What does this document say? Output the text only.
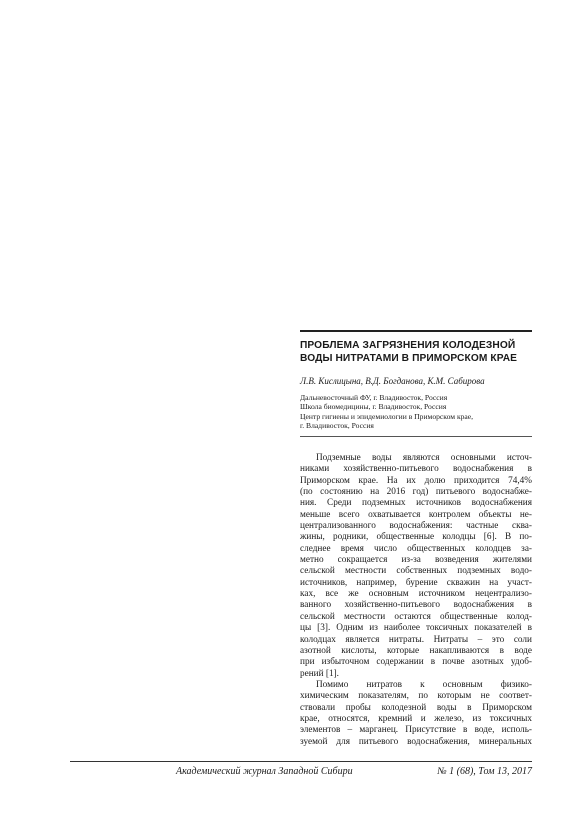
ПРОБЛЕМА ЗАГРЯЗНЕНИЯ КОЛОДЕЗНОЙ
ВОДЫ НИТРАТАМИ В ПРИМОРСКОМ КРАЕ
Л.В. Кислицына, В.Д. Богданова, К.М. Сабирова
Дальневосточный ФУ, г. Владивосток, Россия
Школа биомедицины, г. Владивосток, Россия
Центр гигиены и эпидемиологии в Приморском крае,
г. Владивосток, Россия
Подземные воды являются основными источ-
никами хозяйственно-питьевого водоснабжения в
Приморском крае. На их долю приходится 74,4%
(по состоянию на 2016 год) питьевого водоснабже-
ния. Среди подземных источников водоснабжения
меньше всего охватывается контролем объекты не-
централизованного водоснабжения: частные сква-
жины, родники, общественные колодцы [6]. В по-
следнее время число общественных колодцев за-
метно сокращается из-за возведения жителями
сельской местности собственных подземных водо-
источников, например, бурение скважин на участ-
ках, все же основным источником нецентрализо-
ванного хозяйственно-питьевого водоснабжения в
сельской местности остаются общественные колод-
цы [3]. Одним из наиболее токсичных показателей в
колодцах является нитраты. Нитраты – это соли
азотной кислоты, которые накапливаются в воде
при избыточном содержании в почве азотных удоб-
рений [1].
Помимо нитратов к основным физико-
химическим показателям, по которым не соответ-
ствовали пробы колодезной воды в Приморском
крае, относятся, кремний и железо, из токсичных
элементов – марганец. Присутствие в воде, исполь-
зуемой для питьевого водоснабжения, минеральных
Академический журнал Западной Сибири	№ 1 (68), Том 13, 2017
